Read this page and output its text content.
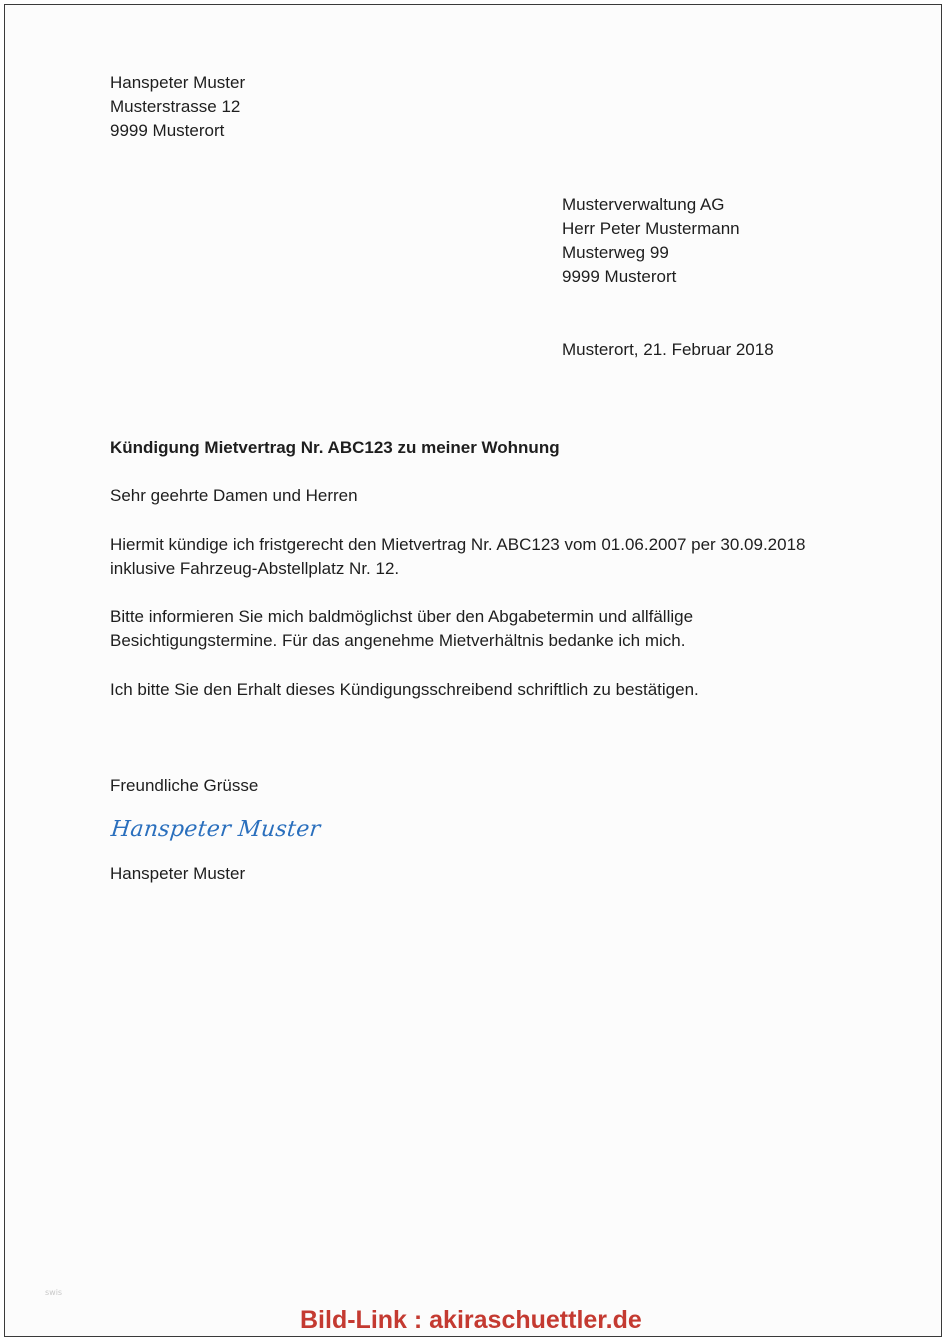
Hanspeter Muster
Musterstrasse 12
9999 Musterort
Musterverwaltung AG
Herr Peter Mustermann
Musterweg 99
9999 Musterort

Musterort, 21. Februar 2018

Kündigung Mietvertrag Nr. ABC123 zu meiner Wohnung

Sehr geehrte Damen und Herren

Hiermit kündige ich fristgerecht den Mietvertrag Nr. ABC123 vom 01.06.2007 per 30.09.2018
inklusive Fahrzeug-Abstellplatz Nr. 12.
Bitte informieren Sie mich baldmöglichst über den Abgabetermin und allfällige
Besichtigungstermine. Für das angenehme Mietverhältnis bedanke ich mich.

Ich bitte Sie den Erhalt dieses Kündigungsschreibend schriftlich zu bestätigen.

Freundliche Grüsse

Hanspeter Muster

Hanspeter Muster

swis
Bild-Link : akiraschuettler.de
